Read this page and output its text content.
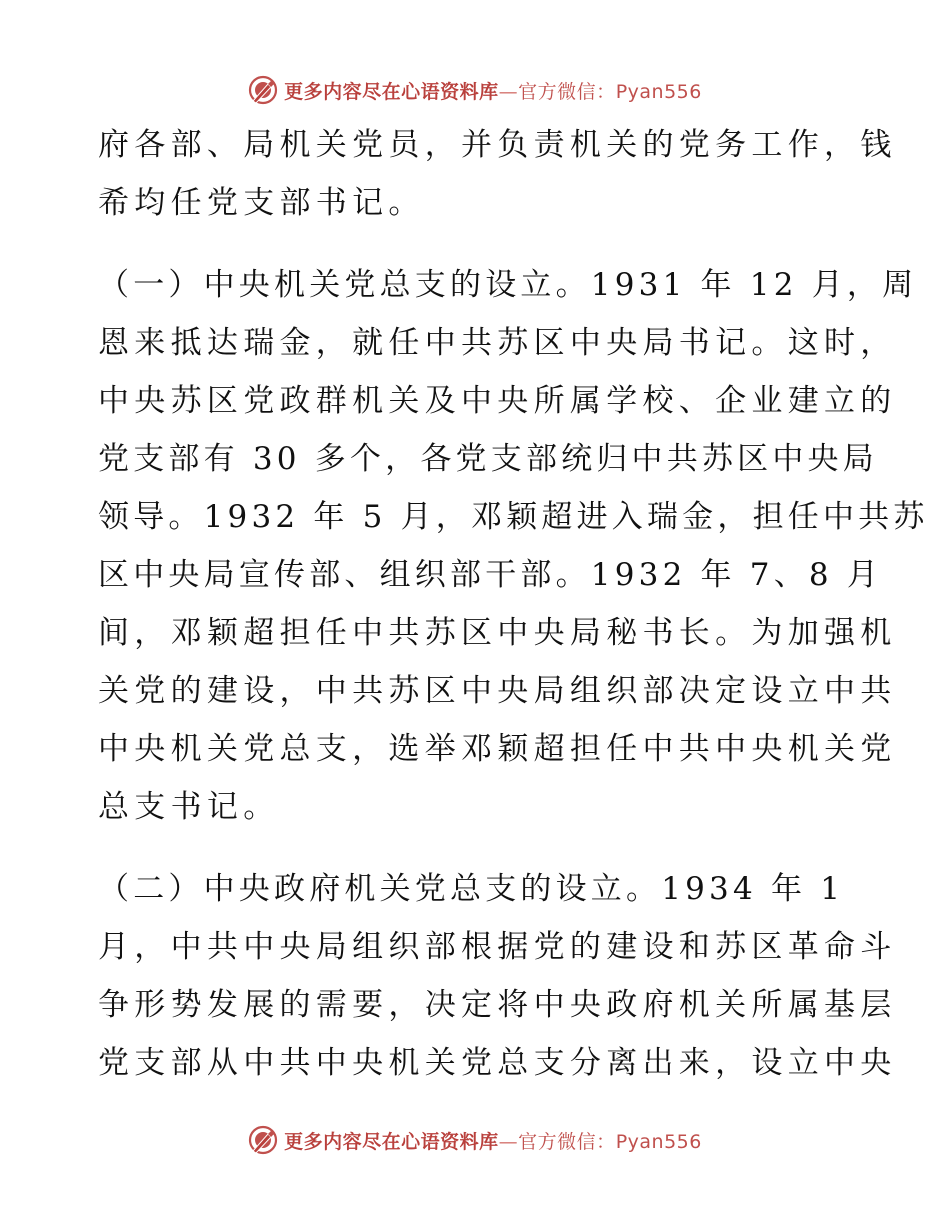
更多内容尽在心语资料库—官方微信：Pyan556
府各部、局机关党员，并负责机关的党务工作，钱
希均任党支部书记。
（一）中央机关党总支的设立。1931 年 12 月，周
恩来抵达瑞金，就任中共苏区中央局书记。这时，
中央苏区党政群机关及中央所属学校、企业建立的
党支部有 30 多个，各党支部统归中共苏区中央局
领导。1932 年 5 月，邓颖超进入瑞金，担任中共苏
区中央局宣传部、组织部干部。1932 年 7、8 月
间，邓颖超担任中共苏区中央局秘书长。为加强机
关党的建设，中共苏区中央局组织部决定设立中共
中央机关党总支，选举邓颖超担任中共中央机关党
总支书记。
（二）中央政府机关党总支的设立。1934 年 1
月，中共中央局组织部根据党的建设和苏区革命斗
争形势发展的需要，决定将中央政府机关所属基层
党支部从中共中央机关党总支分离出来，设立中央
更多内容尽在心语资料库—官方微信：Pyan556
